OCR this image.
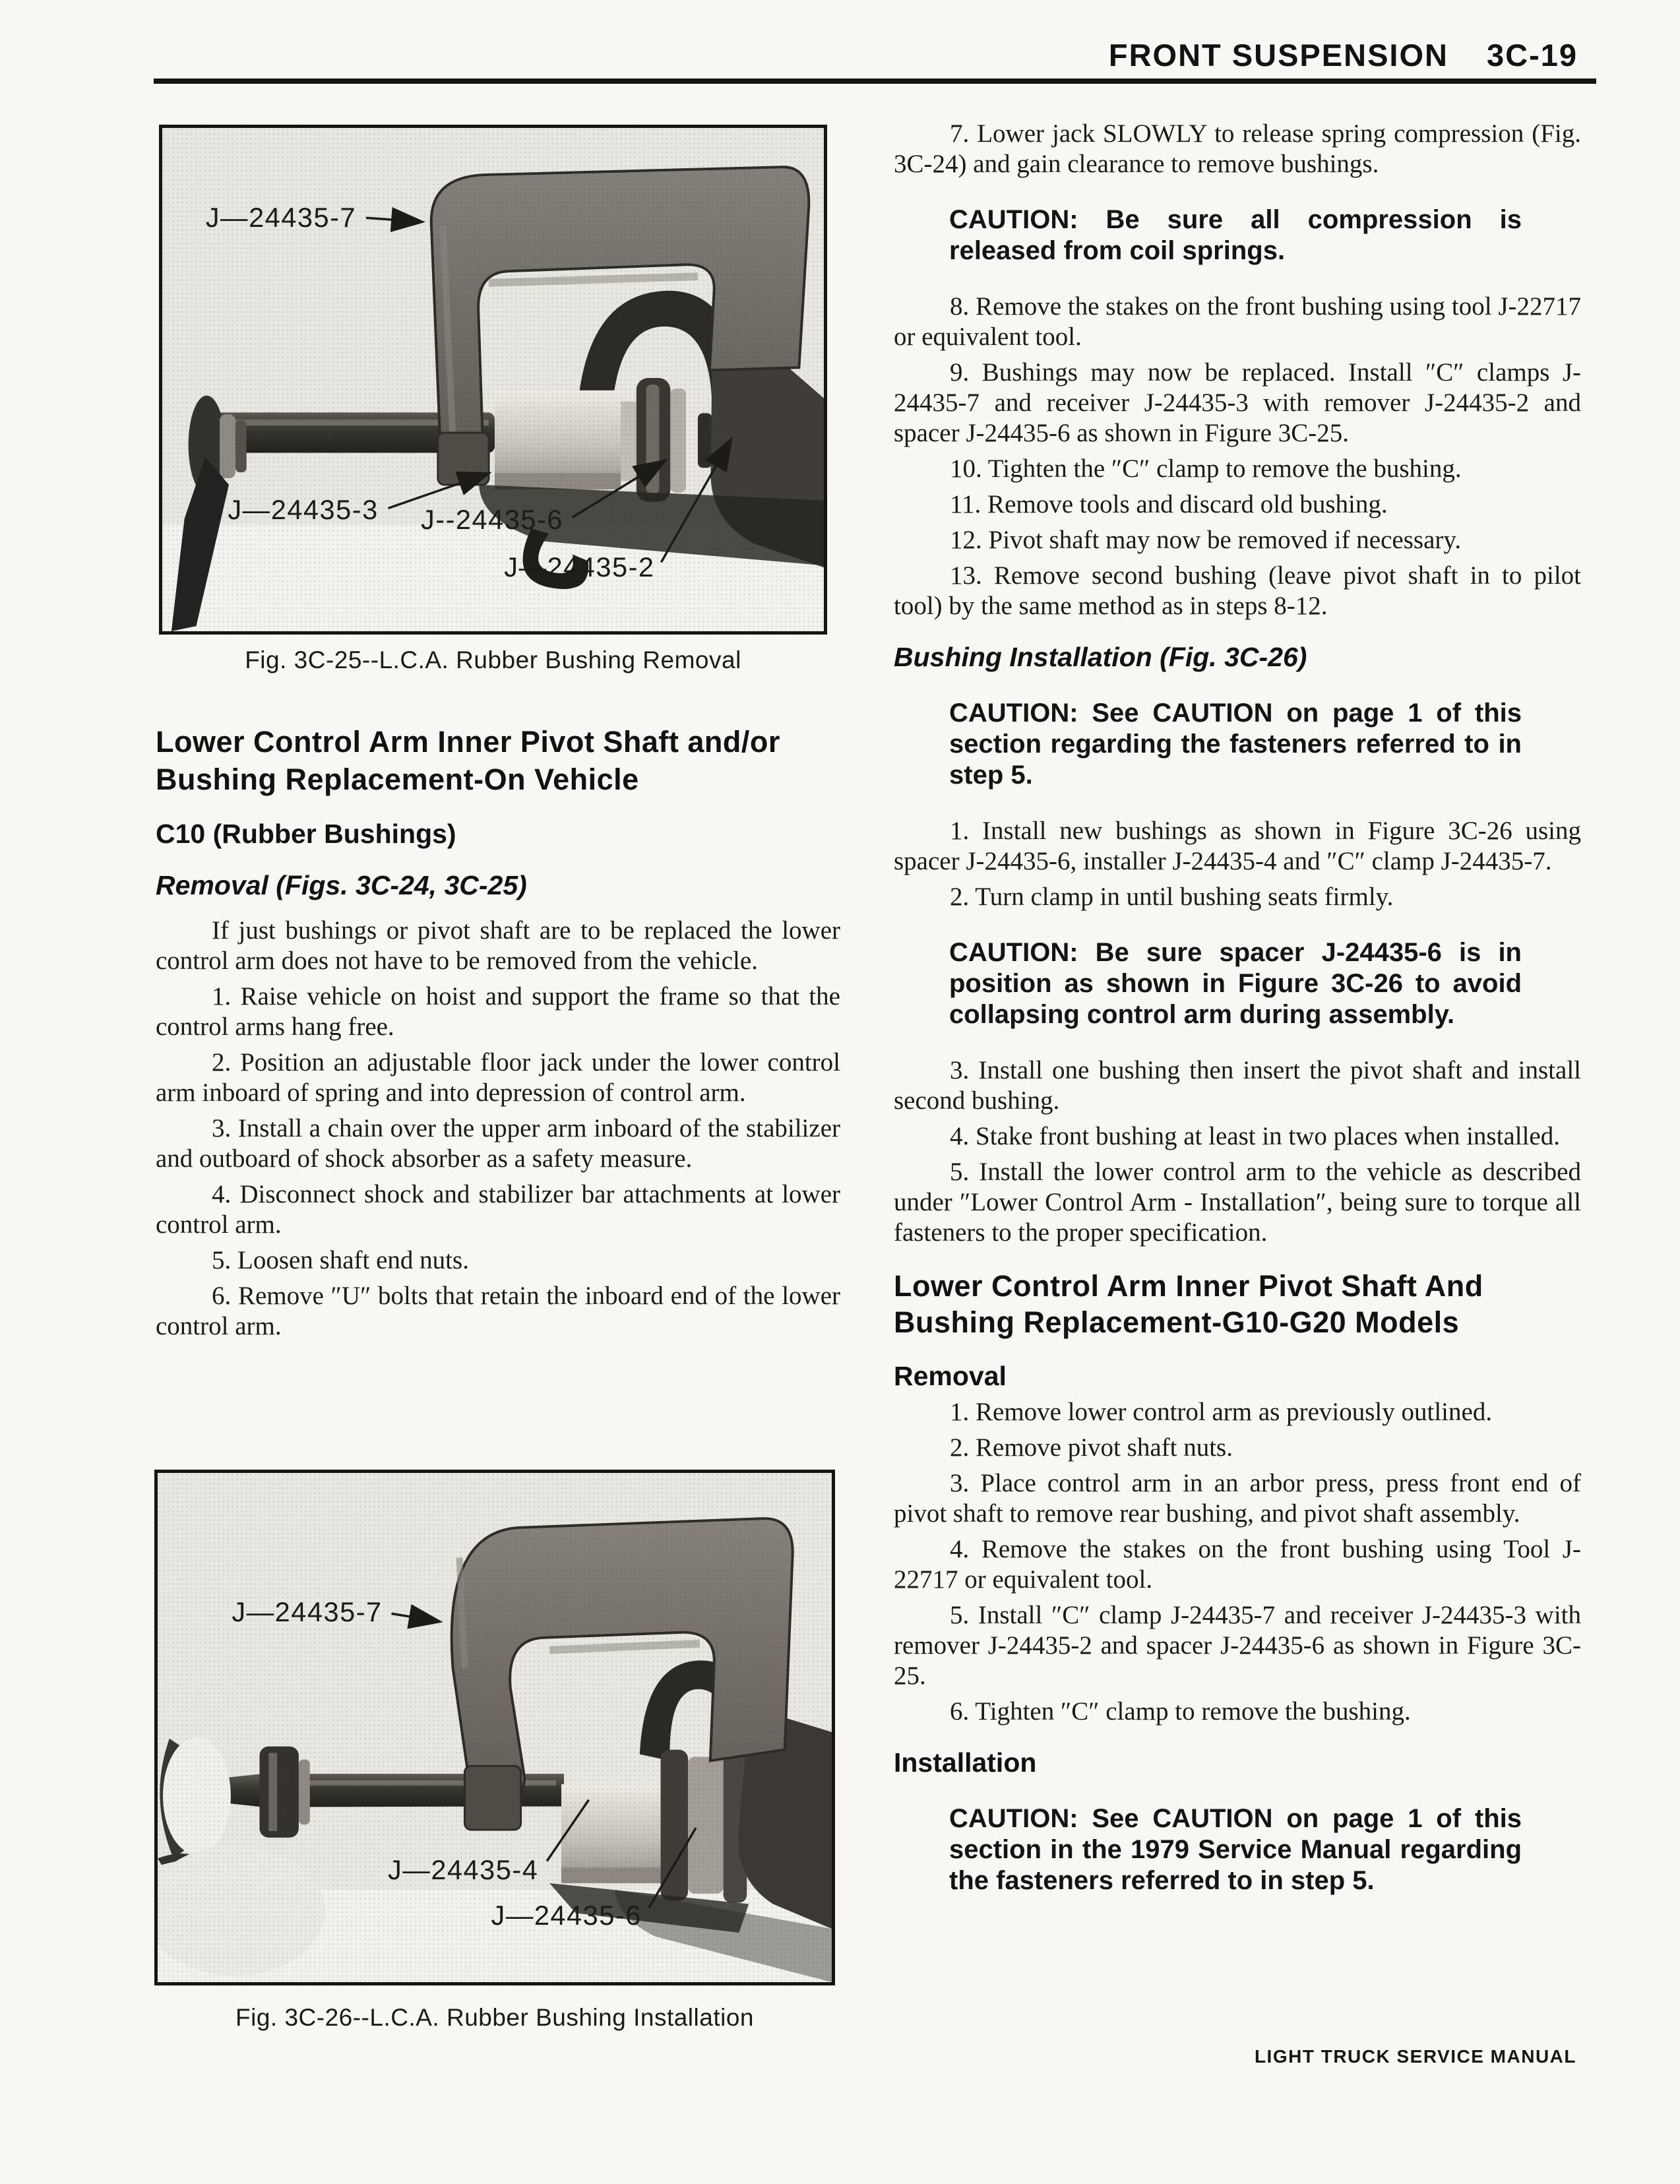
FRONT SUSPENSION 3C-19
J—24435-7
J—24435-3 J--24435-6
J—24435-2
Fig. 3C-25--L.C.A. Rubber Bushing Removal
J—24435-7
J—24435-4
J—24435-6
Fig. 3C-26--L.C.A. Rubber Bushing Installation
Lower Control Arm Inner Pivot Shaft and/or
Bushing Replacement-On Vehicle
C10 (Rubber Bushings)
Removal (Figs. 3C-24, 3C-25)

If just bushings or pivot shaft are to be replaced the lower control arm does not have to be removed from the vehicle.

1. Raise vehicle on hoist and support the frame so that the control arms hang free.

2. Position an adjustable floor jack under the lower control arm inboard of spring and into depression of control arm.

3. Install a chain over the upper arm inboard of the stabilizer and outboard of shock absorber as a safety measure.

4. Disconnect shock and stabilizer bar attachments at lower control arm.

5. Loosen shaft end nuts.

6. Remove ″U″ bolts that retain the inboard end of the lower control arm.

7. Lower jack SLOWLY to release spring compression (Fig. 3C-24) and gain clearance to remove bushings.

CAUTION: Be sure all compression is released from coil springs.

8. Remove the stakes on the front bushing using tool J-22717 or equivalent tool.

9. Bushings may now be replaced. Install ″C″ clamps J-24435-7 and receiver J-24435-3 with remover J-24435-2 and spacer J-24435-6 as shown in Figure 3C-25.

10. Tighten the ″C″ clamp to remove the bushing.

11. Remove tools and discard old bushing.

12. Pivot shaft may now be removed if necessary.

13. Remove second bushing (leave pivot shaft in to pilot tool) by the same method as in steps 8-12.

Bushing Installation (Fig. 3C-26)
CAUTION: See CAUTION on page 1 of this section regarding the fasteners referred to in step 5.

1. Install new bushings as shown in Figure 3C-26 using spacer J-24435-6, installer J-24435-4 and ″C″ clamp J-24435-7.

2. Turn clamp in until bushing seats firmly.

CAUTION: Be sure spacer J-24435-6 is in position as shown in Figure 3C-26 to avoid collapsing control arm during assembly.

3. Install one bushing then insert the pivot shaft and install second bushing.

4. Stake front bushing at least in two places when installed.

5. Install the lower control arm to the vehicle as described under ″Lower Control Arm - Installation″, being sure to torque all fasteners to the proper specification.

Lower Control Arm Inner Pivot Shaft And
Bushing Replacement-G10-G20 Models
Removal

1. Remove lower control arm as previously outlined.

2. Remove pivot shaft nuts.

3. Place control arm in an arbor press, press front end of pivot shaft to remove rear bushing, and pivot shaft assembly.

4. Remove the stakes on the front bushing using Tool J-22717 or equivalent tool.

5. Install ″C″ clamp J-24435-7 and receiver J-24435-3 with remover J-24435-2 and spacer J-24435-6 as shown in Figure 3C-25.

6. Tighten ″C″ clamp to remove the bushing.

Installation
CAUTION: See CAUTION on page 1 of this section in the 1979 Service Manual regarding the fasteners referred to in step 5.
LIGHT TRUCK SERVICE MANUAL
